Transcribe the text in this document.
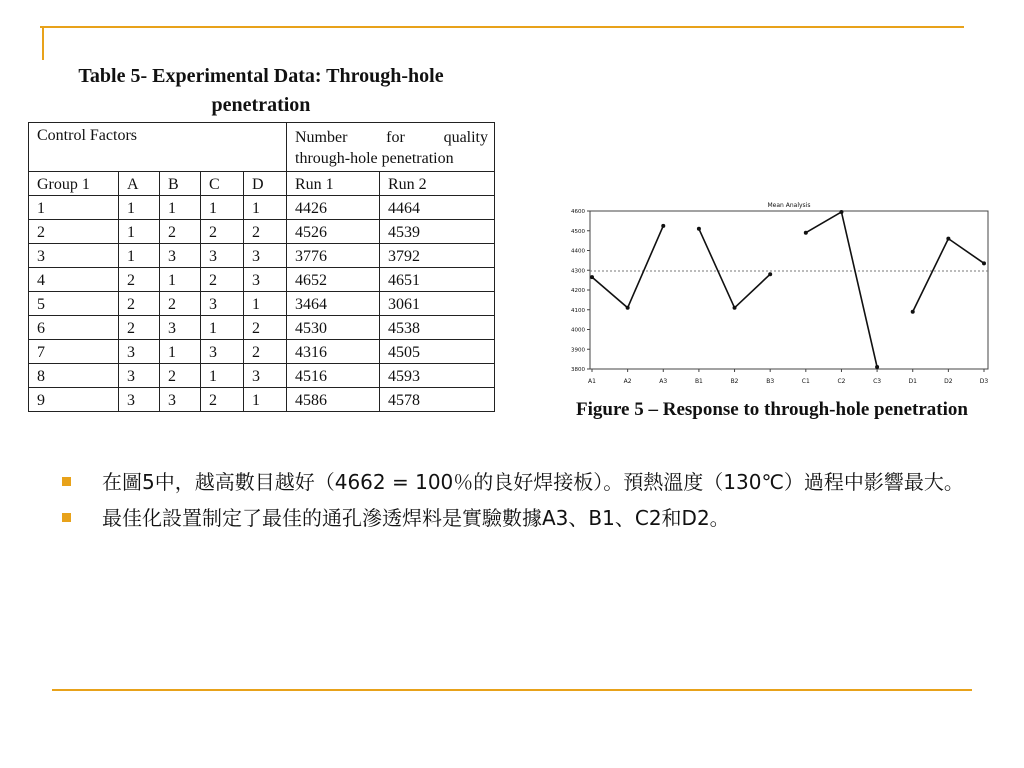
Table 5- Experimental Data: Through-hole penetration
Control Factors					Number for quality
through-hole penetration	

Group 1	A	B	C	D	Run 1	Run 2
1	1	1	1	1	4426	4464
2	1	2	2	2	4526	4539
3	1	3	3	3	3776	3792
4	2	1	2	3	4652	4651
5	2	2	3	1	3464	3061
6	2	3	1	2	4530	4538
7	3	1	3	2	4316	4505
8	3	2	1	3	4516	4593
9	3	3	2	1	4586	4578
Mean Analysis
3800
3900
4000
4100
4200
4300
4400
4500
4600
A1	A2	A3	B1	B2	B3	C1	C2	C3	D1	D2	D3
Figure 5 – Response to through-hole penetration
在圖5中，越高數目越好（4662 = 100％的良好焊接板）。預熱溫度（130℃）過程中影響最大。
最佳化設置制定了最佳的通孔滲透焊料是實驗數據A3、B1、C2和D2。
